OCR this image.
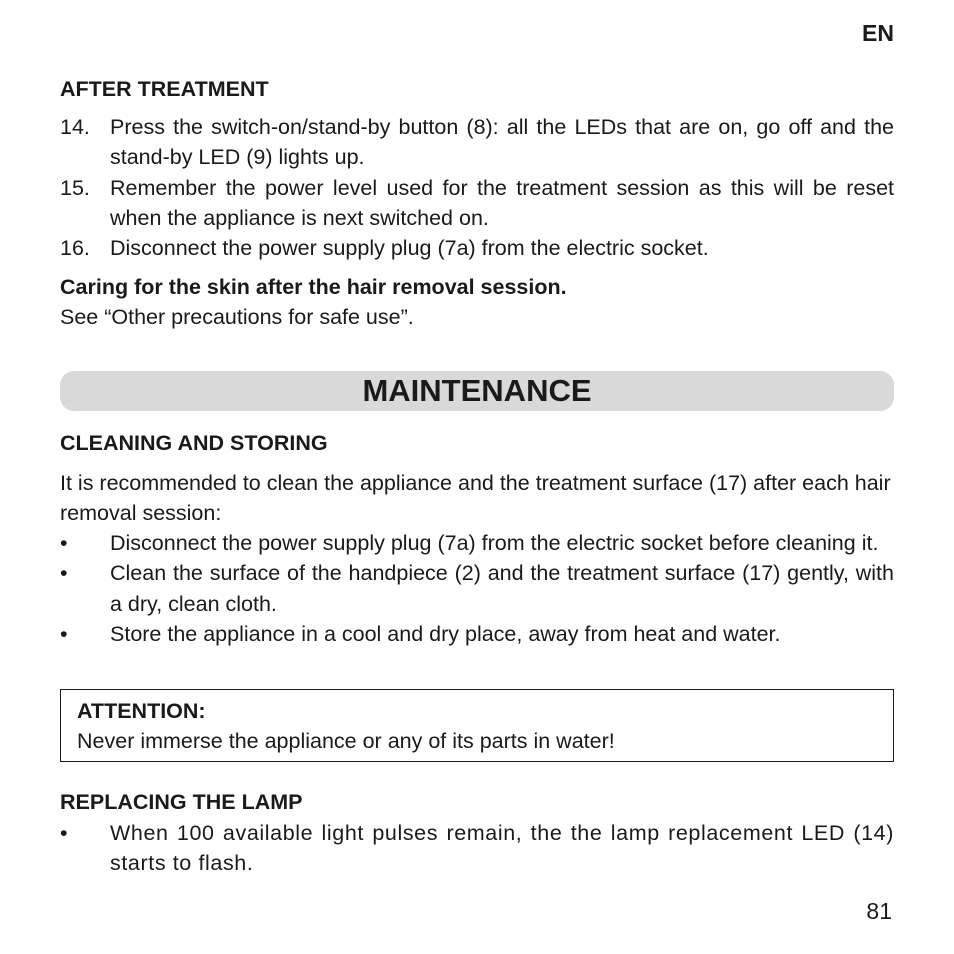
EN

AFTER TREATMENT

14. Press the switch-on/stand-by button (8): all the LEDs that are on, go off and the stand-by LED (9) lights up.
15. Remember the power level used for the treatment session as this will be reset when the appliance is next switched on.
16. Disconnect the power supply plug (7a) from the electric socket.

Caring for the skin after the hair removal session.

See “Other precautions for safe use”.

MAINTENANCE

CLEANING AND STORING

It is recommended to clean the appliance and the treatment surface (17) after each hair removal session:

• Disconnect the power supply plug (7a) from the electric socket before cleaning it.
• Clean the surface of the handpiece (2) and the treatment surface (17) gently, with a dry, clean cloth.
• Store the appliance in a cool and dry place, away from heat and water.

ATTENTION:

Never immerse the appliance or any of its parts in water!

REPLACING THE LAMP

• When 100 available light pulses remain, the the lamp replacement LED (14) starts to flash.
81
